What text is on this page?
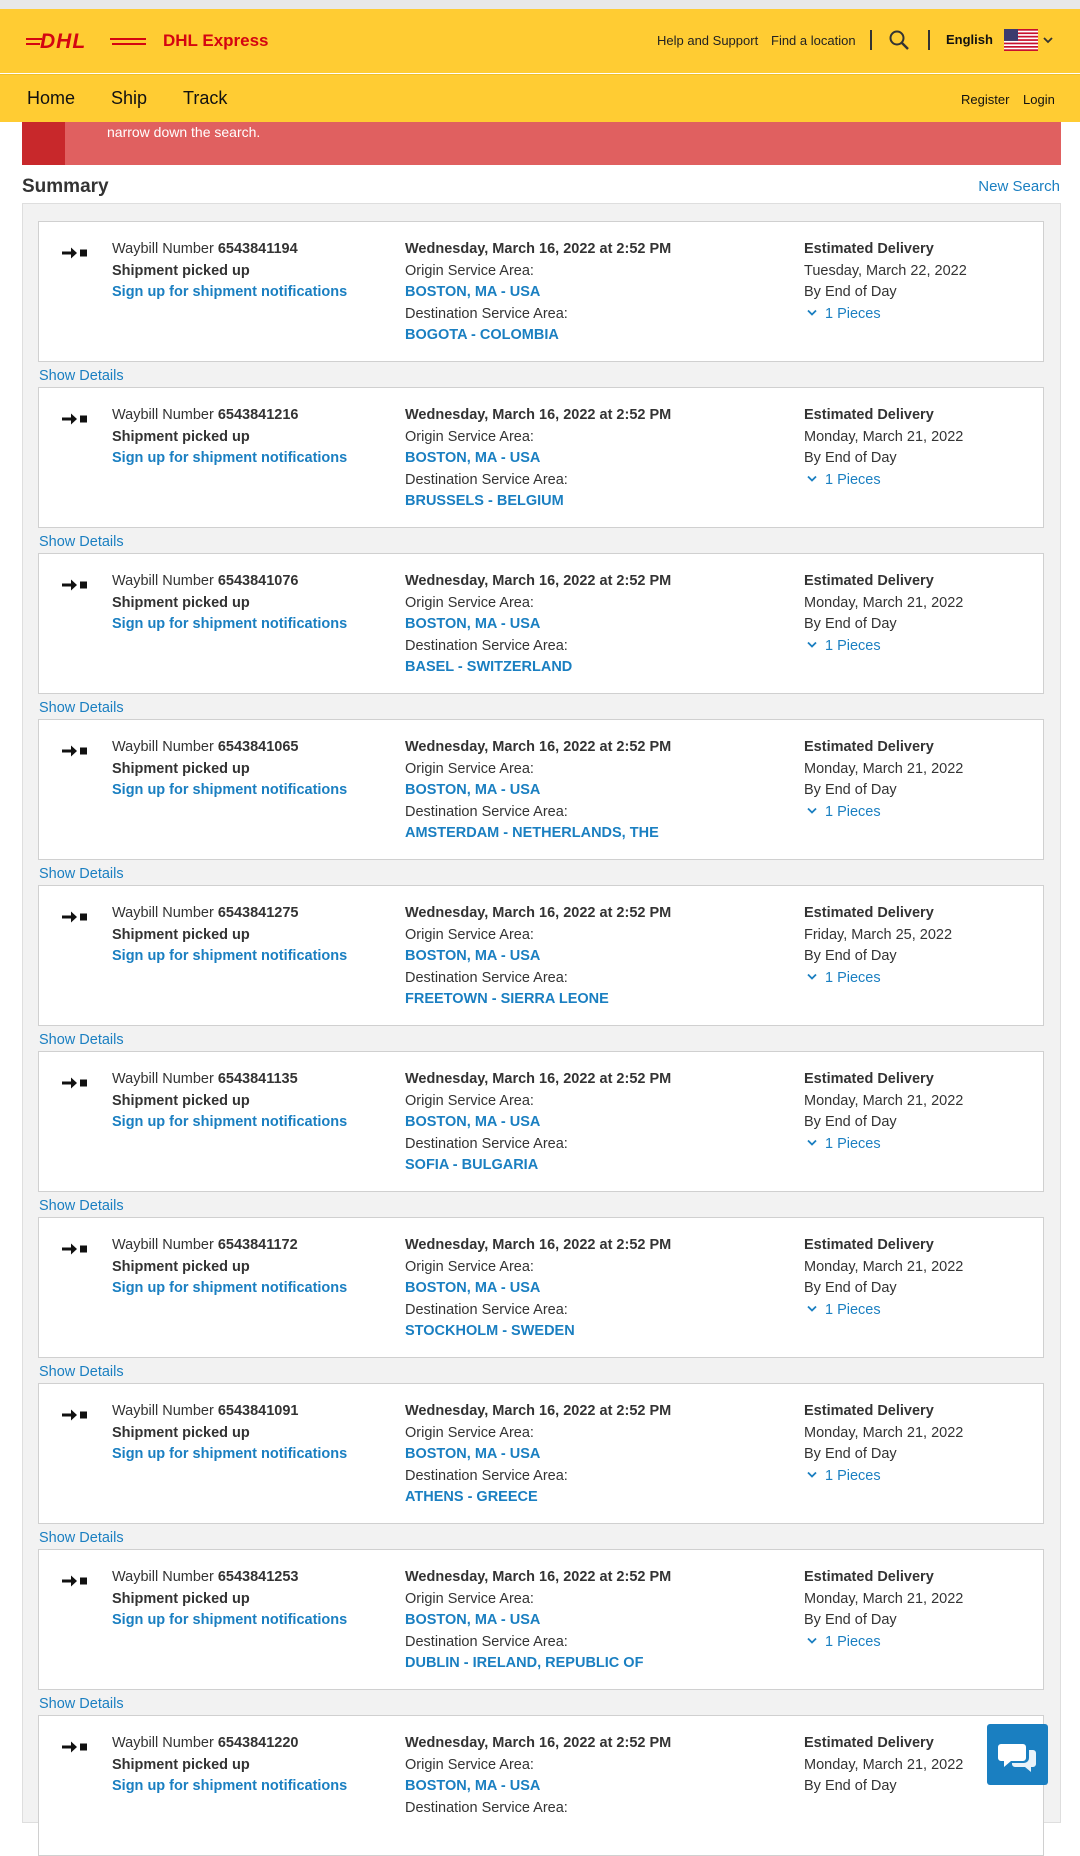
DHL	DHL Express	Help and Support Find a location	English
Home Ship Track	Register Login
narrow down the search.
Summary	New Search
Waybill Number 6543841194
Shipment picked up
Sign up for shipment notifications
Wednesday, March 16, 2022 at 2:52 PM
Origin Service Area:
BOSTON, MA - USA
Destination Service Area:
BOGOTA - COLOMBIA
Estimated Delivery
Tuesday, March 22, 2022
By End of Day
1 Pieces
Show Details
Waybill Number 6543841216
Shipment picked up
Sign up for shipment notifications
Wednesday, March 16, 2022 at 2:52 PM
Origin Service Area:
BOSTON, MA - USA
Destination Service Area:
BRUSSELS - BELGIUM
Estimated Delivery
Monday, March 21, 2022
By End of Day
1 Pieces
Show Details
Waybill Number 6543841076
Shipment picked up
Sign up for shipment notifications
Wednesday, March 16, 2022 at 2:52 PM
Origin Service Area:
BOSTON, MA - USA
Destination Service Area:
BASEL - SWITZERLAND
Estimated Delivery
Monday, March 21, 2022
By End of Day
1 Pieces
Show Details
Waybill Number 6543841065
Shipment picked up
Sign up for shipment notifications
Wednesday, March 16, 2022 at 2:52 PM
Origin Service Area:
BOSTON, MA - USA
Destination Service Area:
AMSTERDAM - NETHERLANDS, THE
Estimated Delivery
Monday, March 21, 2022
By End of Day
1 Pieces
Show Details
Waybill Number 6543841275
Shipment picked up
Sign up for shipment notifications
Wednesday, March 16, 2022 at 2:52 PM
Origin Service Area:
BOSTON, MA - USA
Destination Service Area:
FREETOWN - SIERRA LEONE
Estimated Delivery
Friday, March 25, 2022
By End of Day
1 Pieces
Show Details
Waybill Number 6543841135
Shipment picked up
Sign up for shipment notifications
Wednesday, March 16, 2022 at 2:52 PM
Origin Service Area:
BOSTON, MA - USA
Destination Service Area:
SOFIA - BULGARIA
Estimated Delivery
Monday, March 21, 2022
By End of Day
1 Pieces
Show Details
Waybill Number 6543841172
Shipment picked up
Sign up for shipment notifications
Wednesday, March 16, 2022 at 2:52 PM
Origin Service Area:
BOSTON, MA - USA
Destination Service Area:
STOCKHOLM - SWEDEN
Estimated Delivery
Monday, March 21, 2022
By End of Day
1 Pieces
Show Details
Waybill Number 6543841091
Shipment picked up
Sign up for shipment notifications
Wednesday, March 16, 2022 at 2:52 PM
Origin Service Area:
BOSTON, MA - USA
Destination Service Area:
ATHENS - GREECE
Estimated Delivery
Monday, March 21, 2022
By End of Day
1 Pieces
Show Details
Waybill Number 6543841253
Shipment picked up
Sign up for shipment notifications
Wednesday, March 16, 2022 at 2:52 PM
Origin Service Area:
BOSTON, MA - USA
Destination Service Area:
DUBLIN - IRELAND, REPUBLIC OF
Estimated Delivery
Monday, March 21, 2022
By End of Day
1 Pieces
Show Details
Waybill Number 6543841220
Shipment picked up
Sign up for shipment notifications
Wednesday, March 16, 2022 at 2:52 PM
Origin Service Area:
BOSTON, MA - USA
Destination Service Area:
Estimated Delivery
Monday, March 21, 2022
By End of Day
